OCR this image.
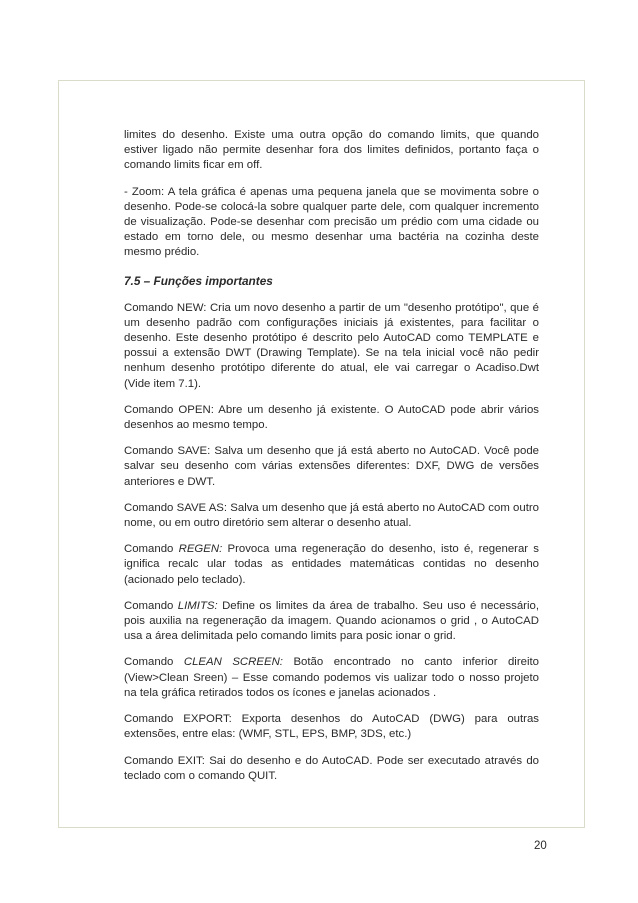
limites do desenho. Existe uma outra opção do comando limits, que quando estiver ligado não permite desenhar fora dos limites definidos, portanto faça o comando limits ficar em off.

- Zoom: A tela gráfica é apenas uma pequena janela que se movimenta sobre o desenho. Pode-se colocá-la sobre qualquer parte dele, com qualquer incremento de visualização. Pode-se desenhar com precisão um prédio com uma cidade ou estado em torno dele, ou mesmo desenhar uma bactéria na cozinha deste mesmo prédio.

7.5 – Funções importantes

Comando NEW: Cria um novo desenho a partir de um "desenho protótipo", que é um desenho padrão com configurações iniciais já existentes, para facilitar o desenho. Este desenho protótipo é descrito pelo AutoCAD como TEMPLATE e possui a extensão DWT (Drawing Template). Se na tela inicial você não pedir nenhum desenho protótipo diferente do atual, ele vai carregar o Acadiso.Dwt (Vide item 7.1).

Comando OPEN: Abre um desenho já existente. O AutoCAD pode abrir vários desenhos ao mesmo tempo.

Comando SAVE: Salva um desenho que já está aberto no AutoCAD. Você pode salvar seu desenho com várias extensões diferentes: DXF, DWG de versões anteriores e DWT.

Comando SAVE AS: Salva um desenho que já está aberto no AutoCAD com outro nome, ou em outro diretório sem alterar o desenho atual.

Comando REGEN: Provoca uma regeneração do desenho, isto é, regenerar s ignifica recalc ular todas as entidades matemáticas contidas no desenho (acionado pelo teclado).

Comando LIMITS: Define os limites da área de trabalho. Seu uso é necessário, pois auxilia na regeneração da imagem. Quando acionamos o grid , o AutoCAD usa a área delimitada pelo comando limits para posic ionar o grid.

Comando CLEAN SCREEN: Botão encontrado no canto inferior direito (View>Clean Sreen) – Esse comando podemos vis ualizar todo o nosso projeto na tela gráfica retirados todos os ícones e janelas acionados .

Comando EXPORT: Exporta desenhos do AutoCAD (DWG) para outras extensões, entre elas: (WMF, STL, EPS, BMP, 3DS, etc.)

Comando EXIT: Sai do desenho e do AutoCAD. Pode ser executado através do teclado com o comando QUIT.

20
